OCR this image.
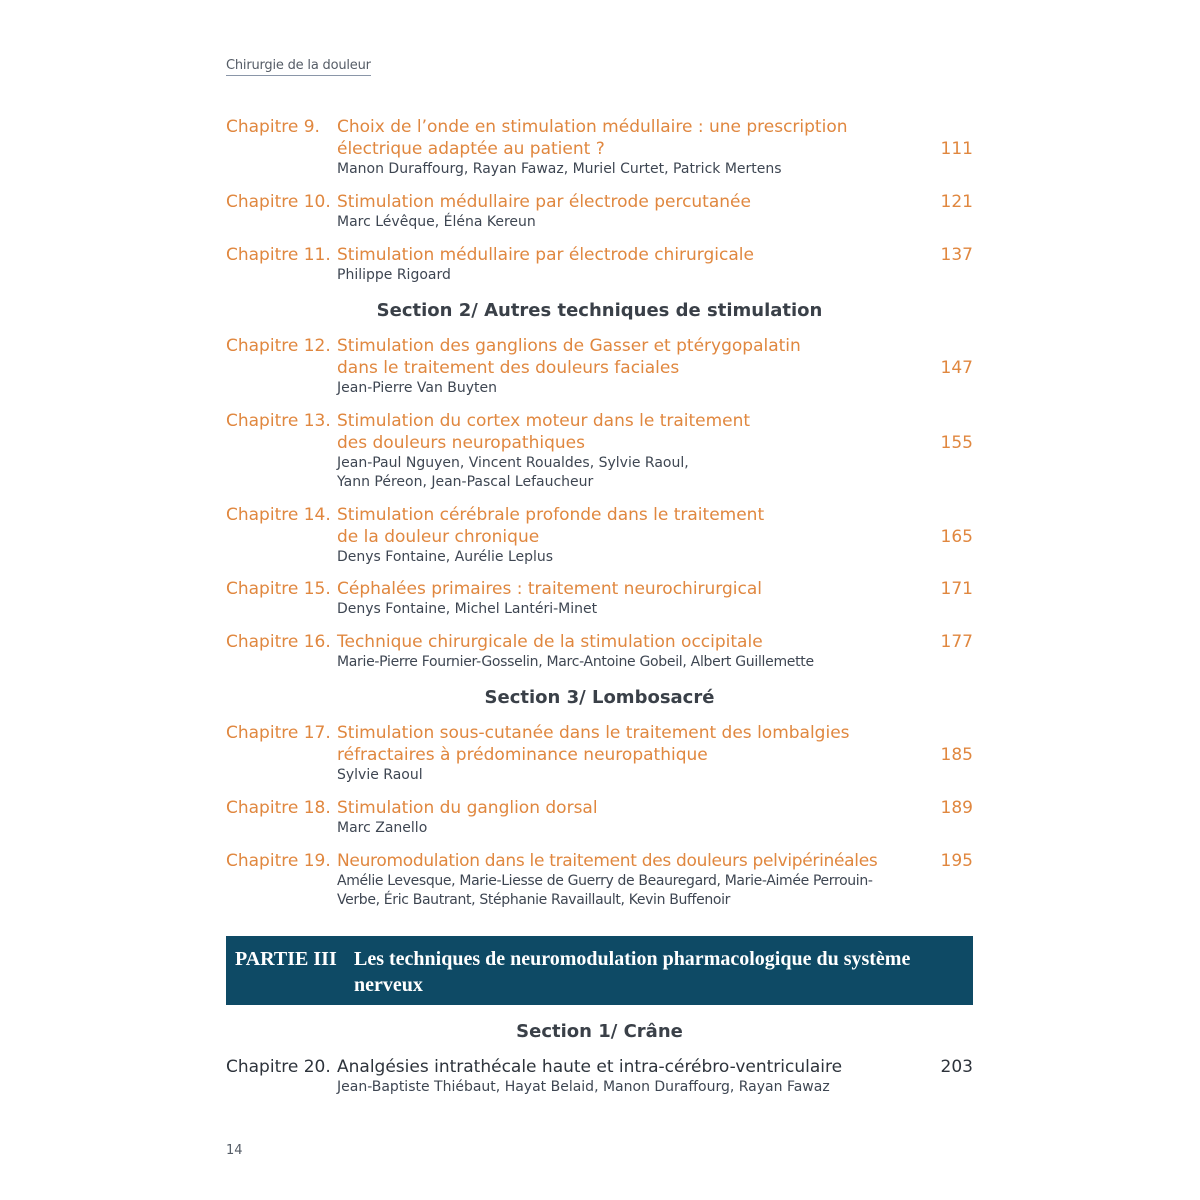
Chirurgie de la douleur
Chapitre 9. Choix de l’onde en stimulation médullaire : une prescription électrique adaptée au patient ?	111
Manon Duraffourg, Rayan Fawaz, Muriel Curtet, Patrick Mertens
Chapitre 10. Stimulation médullaire par électrode percutanée	121
Marc Lévêque, Éléna Kereun
Chapitre 11. Stimulation médullaire par électrode chirurgicale	137
Philippe Rigoard
Section 2/ Autres techniques de stimulation
Chapitre 12. Stimulation des ganglions de Gasser et ptérygopalatin dans le traitement des douleurs faciales	147
Jean-Pierre Van Buyten
Chapitre 13. Stimulation du cortex moteur dans le traitement des douleurs neuropathiques	155
Jean-Paul Nguyen, Vincent Roualdes, Sylvie Raoul, Yann Péreon, Jean-Pascal Lefaucheur
Chapitre 14. Stimulation cérébrale profonde dans le traitement de la douleur chronique	165
Denys Fontaine, Aurélie Leplus
Chapitre 15. Céphalées primaires : traitement neurochirurgical	171
Denys Fontaine, Michel Lantéri-Minet
Chapitre 16. Technique chirurgicale de la stimulation occipitale	177
Marie-Pierre Fournier-Gosselin, Marc-Antoine Gobeil, Albert Guillemette
Section 3/ Lombosacré
Chapitre 17. Stimulation sous-cutanée dans le traitement des lombalgies réfractaires à prédominance neuropathique	185
Sylvie Raoul
Chapitre 18. Stimulation du ganglion dorsal	189
Marc Zanello
Chapitre 19. Neuromodulation dans le traitement des douleurs pelvipérinéales	195
Amélie Levesque, Marie-Liesse de Guerry de Beauregard, Marie-Aimée Perrouin-Verbe, Éric Bautrant, Stéphanie Ravaillault, Kevin Buffenoir
Section 1/ Crâne
Chapitre 20. Analgésies intrathécale haute et intra-cérébro-ventriculaire	203
Jean-Baptiste Thiébaut, Hayat Belaid, Manon Duraffourg, Rayan Fawaz
PARTIE III Les techniques de neuromodulation pharmacologique du système nerveux
14
